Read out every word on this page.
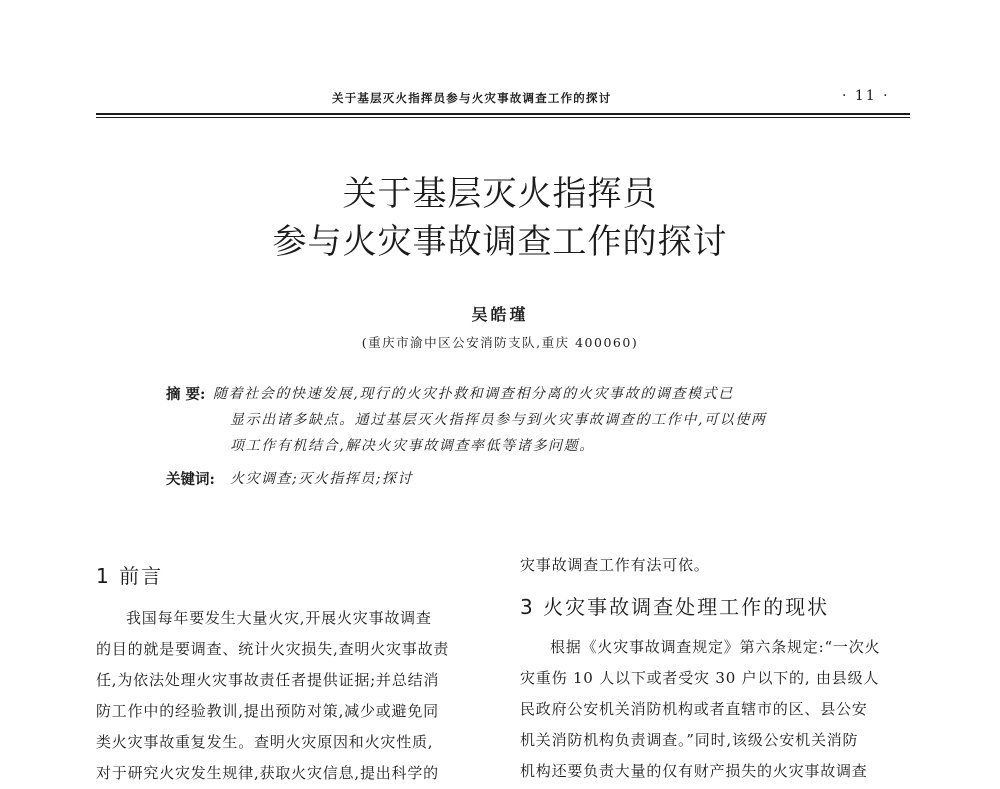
关于基层灭火指挥员参与火灾事故调查工作的探讨	· 11 ·
关于基层灭火指挥员
参与火灾事故调查工作的探讨
吴皓瑾
(重庆市渝中区公安消防支队,重庆 400060)
摘 要: 随着社会的快速发展,现行的火灾扑救和调查相分离的火灾事故的调查模式已
显示出诸多缺点。通过基层灭火指挥员参与到火灾事故调查的工作中,可以使两
项工作有机结合,解决火灾事故调查率低等诸多问题。
关键词: 火灾调查;灭火指挥员;探讨
1 前言
我国每年要发生大量火灾,开展火灾事故调查
的目的就是要调查、统计火灾损失,查明火灾事故责
任,为依法处理火灾事故责任者提供证据;并总结消
防工作中的经验教训,提出预防对策,减少或避免同
类火灾事故重复发生。查明火灾原因和火灾性质,
对于研究火灾发生规律,获取火灾信息,提出科学的
灾事故调查工作有法可依。
3 火灾事故调查处理工作的现状
根据《火灾事故调查规定》第六条规定:“一次火
灾重伤 10 人以下或者受灾 30 户以下的, 由县级人
民政府公安机关消防机构或者直辖市的区、县公安
机关消防机构负责调查。”同时,该级公安机关消防
机构还要负责大量的仅有财产损失的火灾事故调查
